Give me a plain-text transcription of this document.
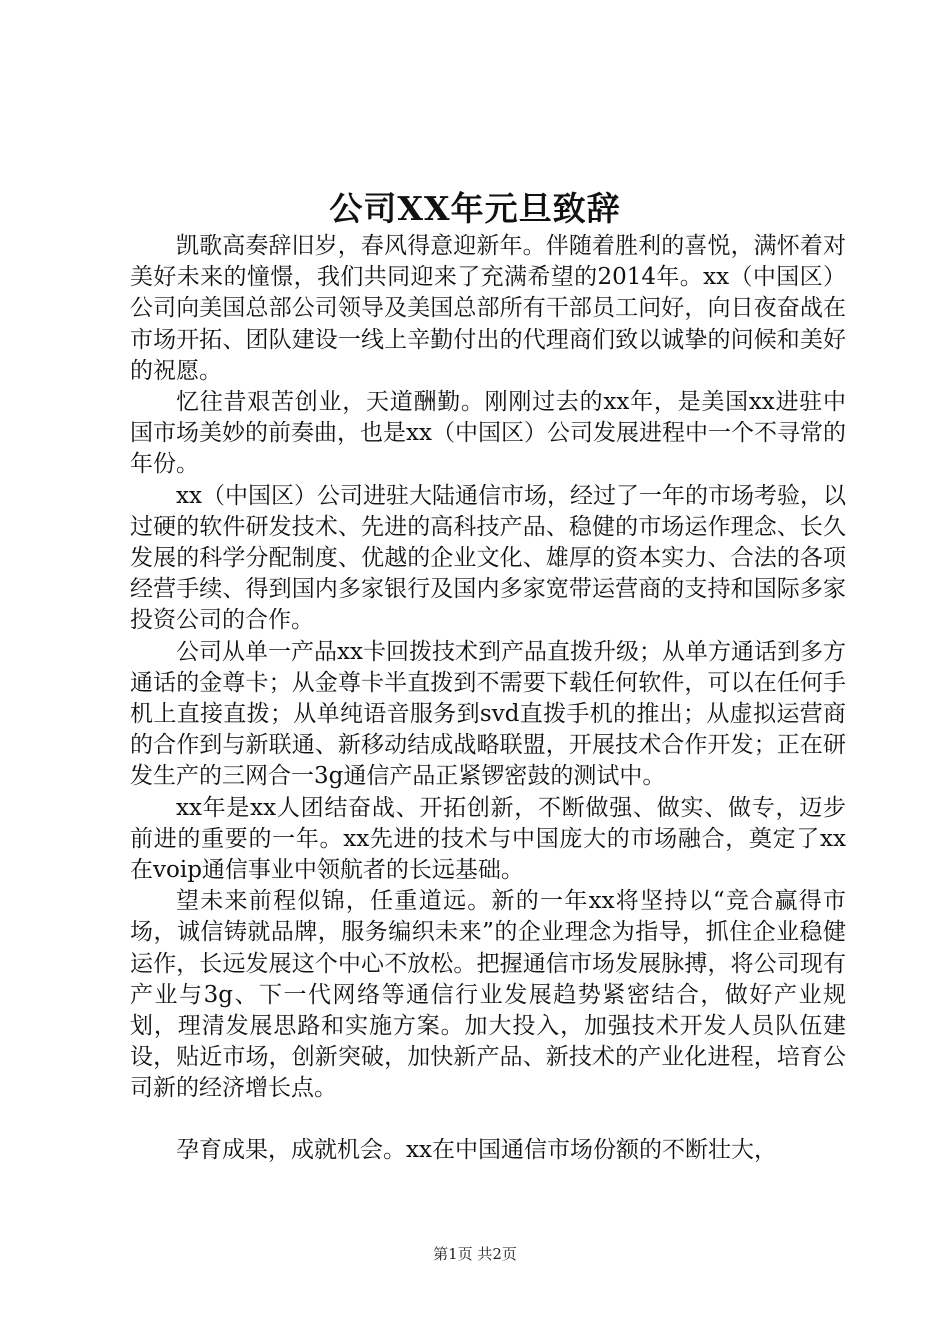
公司XX年元旦致辞

凯歌高奏辞旧岁，春风得意迎新年。伴随着胜利的喜悦，满怀着对美好未来的憧憬，我们共同迎来了充满希望的2014年。xx（中国区）公司向美国总部公司领导及美国总部所有干部员工问好，向日夜奋战在市场开拓、团队建设一线上辛勤付出的代理商们致以诚挚的问候和美好的祝愿。

忆往昔艰苦创业，天道酬勤。刚刚过去的xx年，是美国xx进驻中国市场美妙的前奏曲，也是xx（中国区）公司发展进程中一个不寻常的年份。

xx（中国区）公司进驻大陆通信市场，经过了一年的市场考验，以过硬的软件研发技术、先进的高科技产品、稳健的市场运作理念、长久发展的科学分配制度、优越的企业文化、雄厚的资本实力、合法的各项经营手续、得到国内多家银行及国内多家宽带运营商的支持和国际多家投资公司的合作。

公司从单一产品xx卡回拨技术到产品直拨升级；从单方通话到多方通话的金尊卡；从金尊卡半直拨到不需要下载任何软件，可以在任何手机上直接直拨；从单纯语音服务到svd直拨手机的推出；从虚拟运营商的合作到与新联通、新移动结成战略联盟，开展技术合作开发；正在研发生产的三网合一3g通信产品正紧锣密鼓的测试中。

xx年是xx人团结奋战、开拓创新，不断做强、做实、做专，迈步前进的重要的一年。xx先进的技术与中国庞大的市场融合，奠定了xx在voip通信事业中领航者的长远基础。

望未来前程似锦，任重道远。新的一年xx将坚持以“竞合赢得市场，诚信铸就品牌，服务编织未来”的企业理念为指导，抓住企业稳健运作，长远发展这个中心不放松。把握通信市场发展脉搏，将公司现有产业与3g、下一代网络等通信行业发展趋势紧密结合，做好产业规划，理清发展思路和实施方案。加大投入，加强技术开发人员队伍建设，贴近市场，创新突破，加快新产品、新技术的产业化进程，培育公司新的经济增长点。

孕育成果，成就机会。xx在中国通信市场份额的不断壮大，

第1页 共2页
